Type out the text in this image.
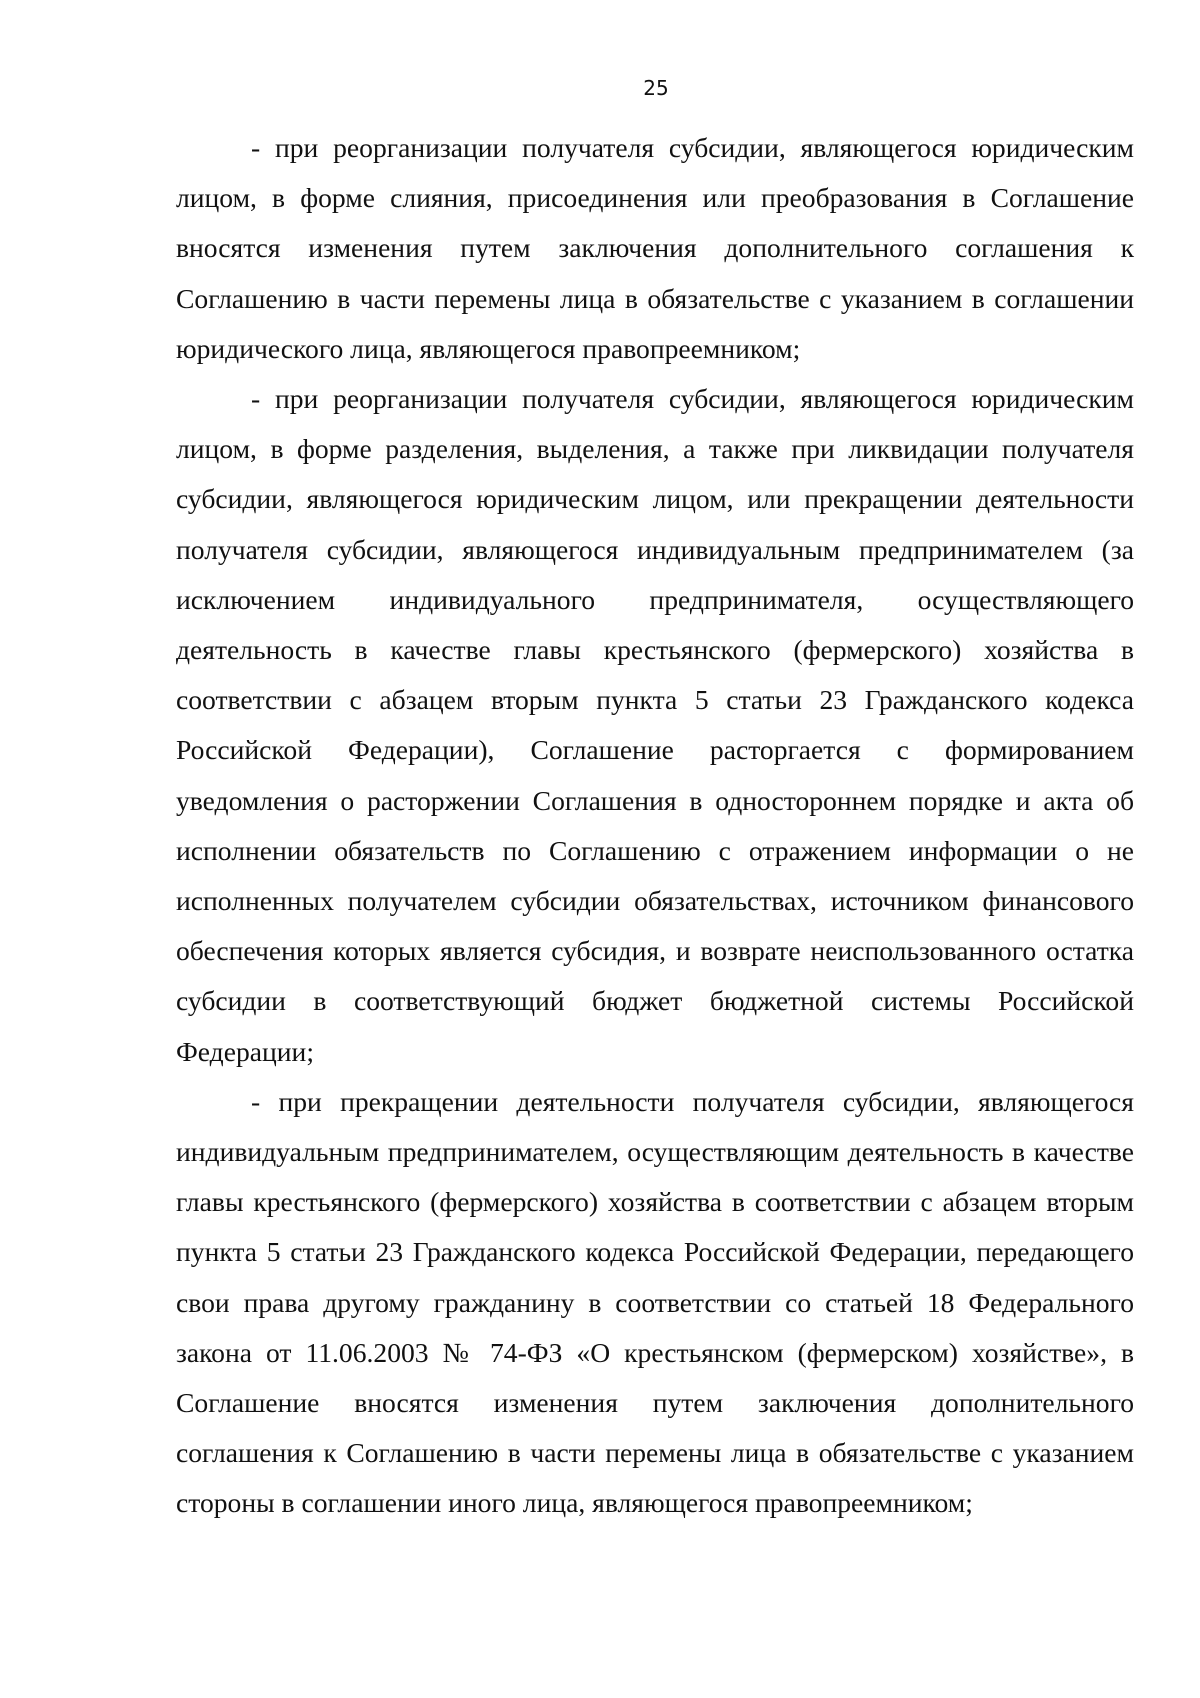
25

- при реорганизации получателя субсидии, являющегося юридическим лицом, в форме слияния, присоединения или преобразования в Соглашение вносятся изменения путем заключения дополнительного соглашения к Соглашению в части перемены лица в обязательстве с указанием в соглашении юридического лица, являющегося правопреемником;

- при реорганизации получателя субсидии, являющегося юридическим лицом, в форме разделения, выделения, а также при ликвидации получателя субсидии, являющегося юридическим лицом, или прекращении деятельности получателя субсидии, являющегося индивидуальным предпринимателем (за исключением индивидуального предпринимателя, осуществляющего деятельность в качестве главы крестьянского (фермерского) хозяйства в соответствии с абзацем вторым пункта 5 статьи 23 Гражданского кодекса Российской Федерации), Соглашение расторгается с формированием уведомления о расторжении Соглашения в одностороннем порядке и акта об исполнении обязательств по Соглашению с отражением информации о не исполненных получателем субсидии обязательствах, источником финансового обеспечения которых является субсидия, и возврате неиспользованного остатка субсидии в соответствующий бюджет бюджетной системы Российской Федерации;

- при прекращении деятельности получателя субсидии, являющегося индивидуальным предпринимателем, осуществляющим деятельность в качестве главы крестьянского (фермерского) хозяйства в соответствии с абзацем вторым пункта 5 статьи 23 Гражданского кодекса Российской Федерации, передающего свои права другому гражданину в соответствии со статьей 18 Федерального закона от 11.06.2003 № 74-ФЗ «О крестьянском (фермерском) хозяйстве», в Соглашение вносятся изменения путем заключения дополнительного соглашения к Соглашению в части перемены лица в обязательстве с указанием стороны в соглашении иного лица, являющегося правопреемником;
